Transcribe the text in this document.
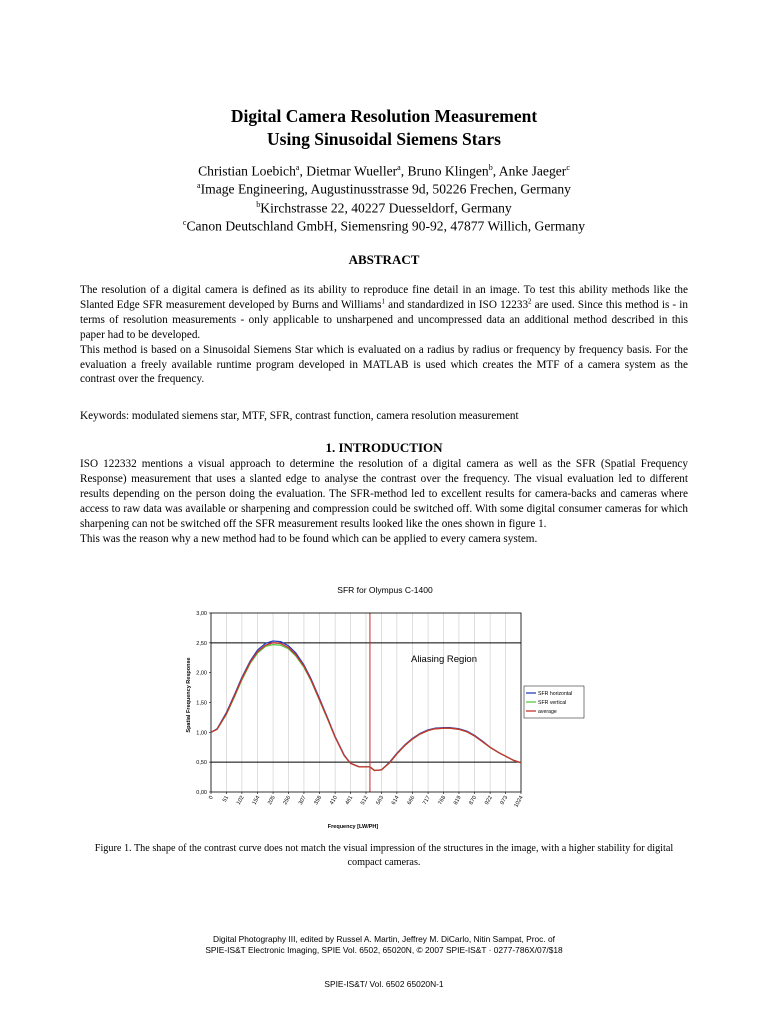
Digital Camera Resolution Measurement
Using Sinusoidal Siemens Stars
Christian Loebich$^a$, Dietmar Wueller$^a$, Bruno Klingen$^b$, Anke Jaeger$^c$
$^a$Image Engineering, Augustinusstrasse 9d, 50226 Frechen, Germany
$^b$Kirchstrasse 22, 40227 Duesseldorf, Germany
$^c$Canon Deutschland GmbH, Siemensring 90-92, 47877 Willich, Germany
ABSTRACT

The resolution of a digital camera is defined as its ability to reproduce fine detail in an image. To test this ability methods like the Slanted Edge SFR measurement developed by Burns and Williams$^1$ and standardized in ISO 12233$^2$ are used. Since this method is - in terms of resolution measurements - only applicable to unsharpened and uncompressed data an additional method described in this paper had to be developed.

This method is based on a Sinusoidal Siemens Star which is evaluated on a radius by radius or frequency by frequency basis. For the evaluation a freely available runtime program developed in MATLAB is used which creates the MTF of a camera system as the contrast over the frequency.

Keywords: modulated siemens star, MTF, SFR, contrast function, camera resolution measurement
1. INTRODUCTION

ISO 122332 mentions a visual approach to determine the resolution of a digital camera as well as the SFR (Spatial Frequency Response) measurement that uses a slanted edge to analyse the contrast over the frequency. The visual evaluation led to different results depending on the person doing the evaluation. The SFR-method led to excellent results for camera-backs and cameras where access to raw data was available or sharpening and compression could be switched off. With some digital consumer cameras for which sharpening can not be switched off the SFR measurement results looked like the ones shown in figure 1.

This was the reason why a new method had to be found which can be applied to every camera system.

SFR for Olympus C-1400
0,00
0,50
1,00
1,50
2,00
2,50
3,00
0 51 102 154 205 256 307 358 410 461 512 563 614 666 717 768 819 870 922 973 1024
Aliasing Region
Frequency [LW/PH]
Spatial Frequency Response	SFR horizontal
SFR vertical
average
Figure 1. The shape of the contrast curve does not match the visual impression of the structures in the image, with a higher stability for digital compact cameras.
Digital Photography III, edited by Russel A. Martin, Jeffrey M. DiCarlo, Nitin Sampat, Proc. of
SPIE-IS&T Electronic Imaging, SPIE Vol. 6502, 65020N, © 2007 SPIE-IS&T · 0277-786X/07/$18
SPIE-IS&T/ Vol. 6502 65020N-1
